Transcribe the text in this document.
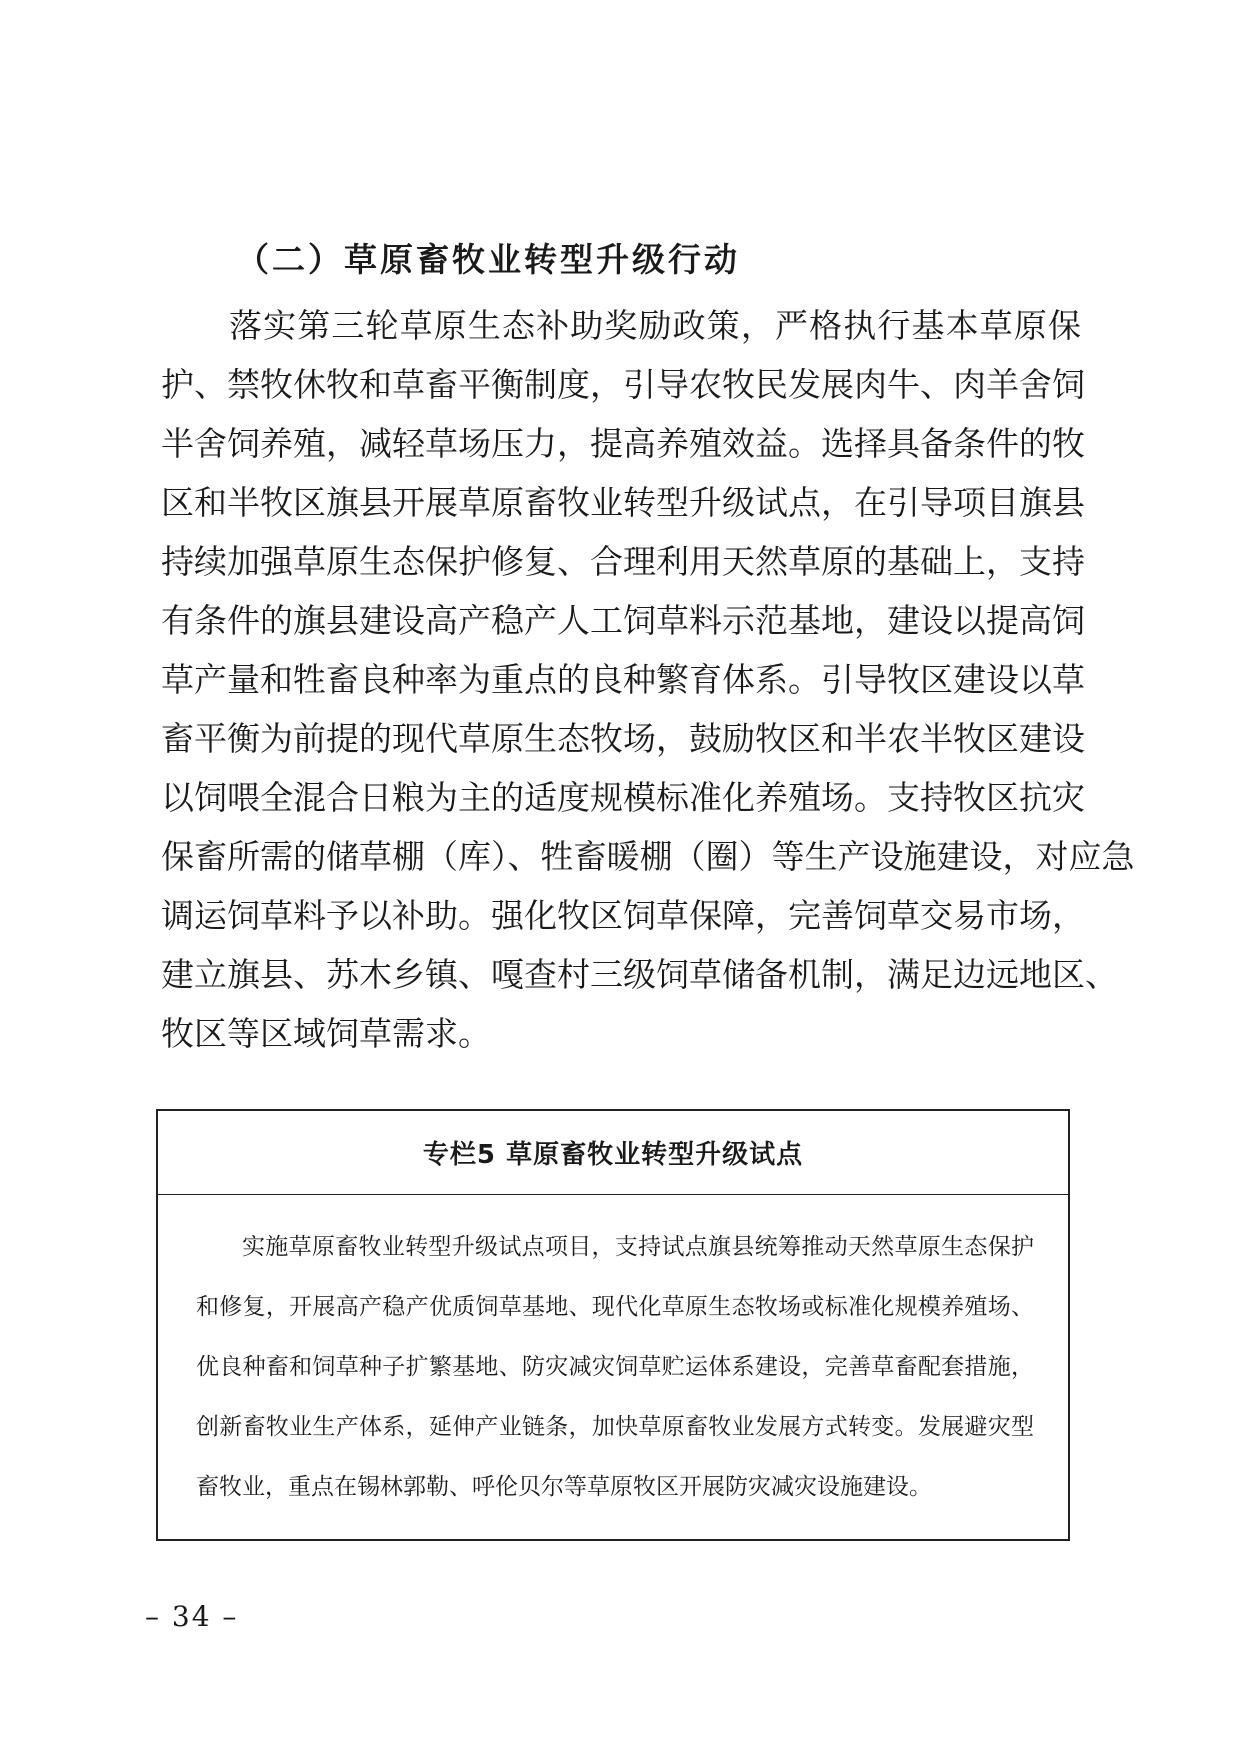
（二）草原畜牧业转型升级行动
落实第三轮草原生态补助奖励政策，严格执行基本草原保
护、禁牧休牧和草畜平衡制度，引导农牧民发展肉牛、肉羊舍饲
半舍饲养殖，减轻草场压力，提高养殖效益。选择具备条件的牧
区和半牧区旗县开展草原畜牧业转型升级试点，在引导项目旗县
持续加强草原生态保护修复、合理利用天然草原的基础上，支持
有条件的旗县建设高产稳产人工饲草料示范基地，建设以提高饲
草产量和牲畜良种率为重点的良种繁育体系。引导牧区建设以草
畜平衡为前提的现代草原生态牧场，鼓励牧区和半农半牧区建设
以饲喂全混合日粮为主的适度规模标准化养殖场。支持牧区抗灾
保畜所需的储草棚（库）、牲畜暖棚（圈）等生产设施建设，对应急
调运饲草料予以补助。强化牧区饲草保障，完善饲草交易市场，
建立旗县、苏木乡镇、嘎查村三级饲草储备机制，满足边远地区、
牧区等区域饲草需求。
专栏5 草原畜牧业转型升级试点
实施草原畜牧业转型升级试点项目，支持试点旗县统筹推动天然草原生态保护
和修复，开展高产稳产优质饲草基地、现代化草原生态牧场或标准化规模养殖场、
优良种畜和饲草种子扩繁基地、防灾减灾饲草贮运体系建设，完善草畜配套措施，
创新畜牧业生产体系，延伸产业链条，加快草原畜牧业发展方式转变。发展避灾型
畜牧业，重点在锡林郭勒、呼伦贝尔等草原牧区开展防灾减灾设施建设。
– 34 –
